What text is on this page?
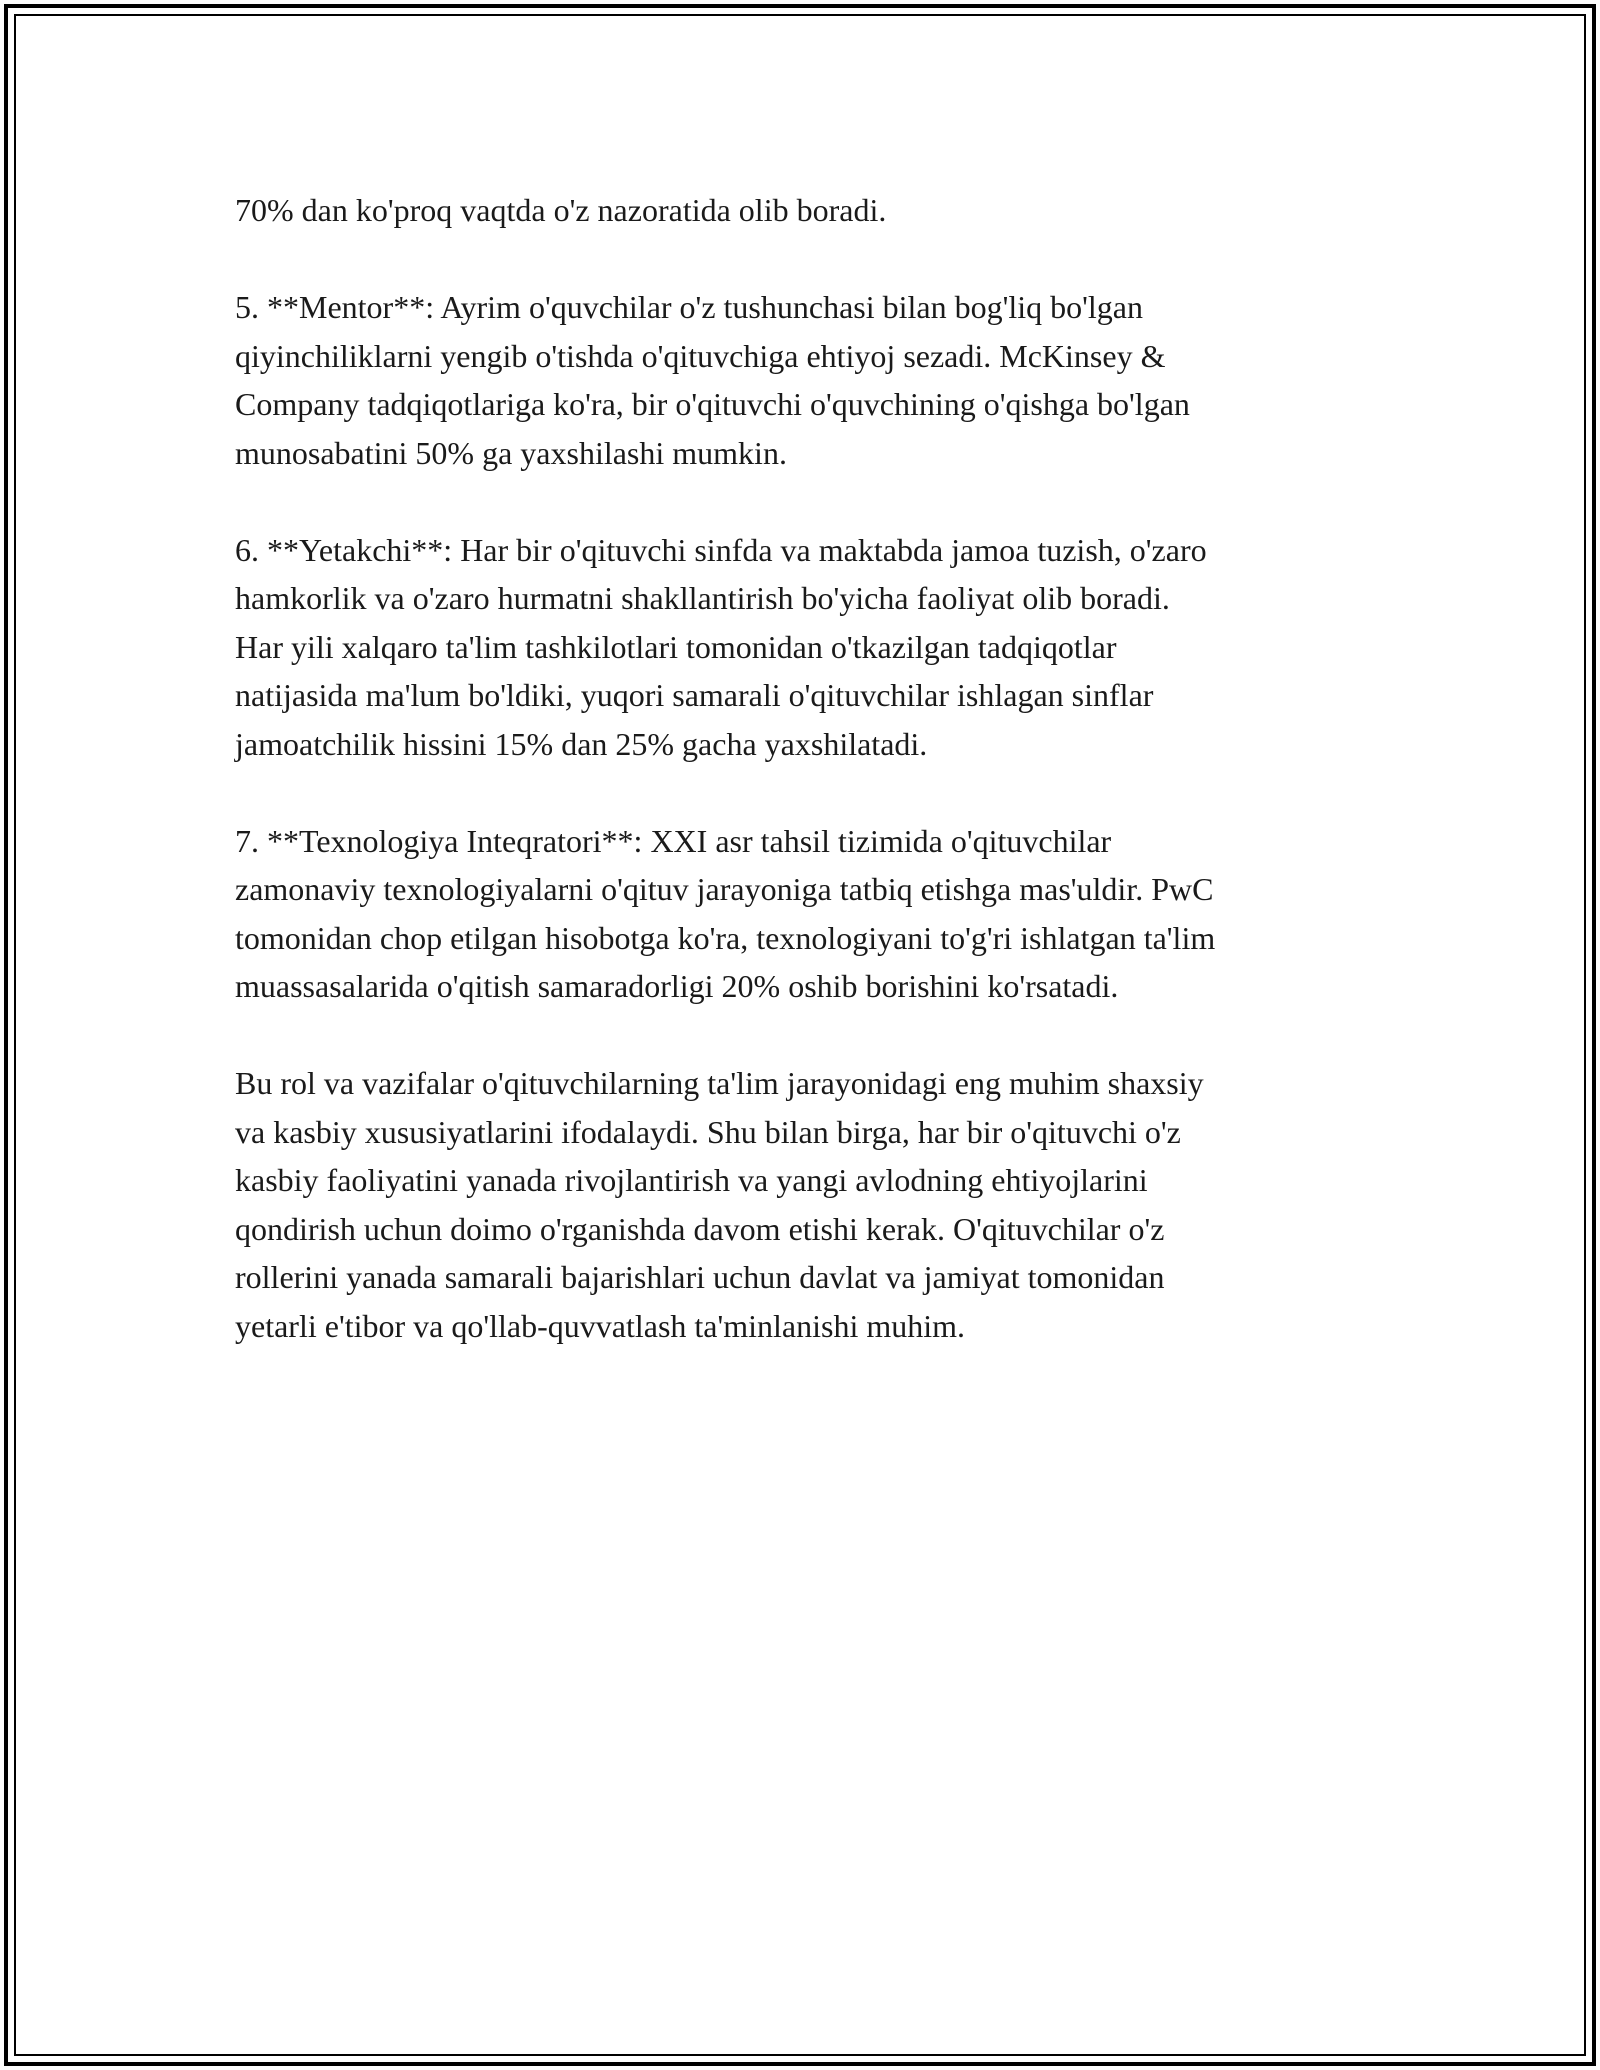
70% dan ko'proq vaqtda o'z nazoratida olib boradi.

5. **Mentor**: Ayrim o'quvchilar o'z tushunchasi bilan bog'liq bo'lgan
qiyinchiliklarni yengib o'tishda o'qituvchiga ehtiyoj sezadi. McKinsey &
Company tadqiqotlariga ko'ra, bir o'qituvchi o'quvchining o'qishga bo'lgan
munosabatini 50% ga yaxshilashi mumkin.

6. **Yetakchi**: Har bir o'qituvchi sinfda va maktabda jamoa tuzish, o'zaro
hamkorlik va o'zaro hurmatni shakllantirish bo'yicha faoliyat olib boradi.
Har yili xalqaro ta'lim tashkilotlari tomonidan o'tkazilgan tadqiqotlar
natijasida ma'lum bo'ldiki, yuqori samarali o'qituvchilar ishlagan sinflar
jamoatchilik hissini 15% dan 25% gacha yaxshilatadi.

7. **Texnologiya Inteqratori**: XXI asr tahsil tizimida o'qituvchilar
zamonaviy texnologiyalarni o'qituv jarayoniga tatbiq etishga mas'uldir. PwC
tomonidan chop etilgan hisobotga ko'ra, texnologiyani to'g'ri ishlatgan ta'lim
muassasalarida o'qitish samaradorligi 20% oshib borishini ko'rsatadi.

Bu rol va vazifalar o'qituvchilarning ta'lim jarayonidagi eng muhim shaxsiy
va kasbiy xususiyatlarini ifodalaydi. Shu bilan birga, har bir o'qituvchi o'z
kasbiy faoliyatini yanada rivojlantirish va yangi avlodning ehtiyojlarini
qondirish uchun doimo o'rganishda davom etishi kerak. O'qituvchilar o'z
rollerini yanada samarali bajarishlari uchun davlat va jamiyat tomonidan
yetarli e'tibor va qo'llab-quvvatlash ta'minlanishi muhim.
